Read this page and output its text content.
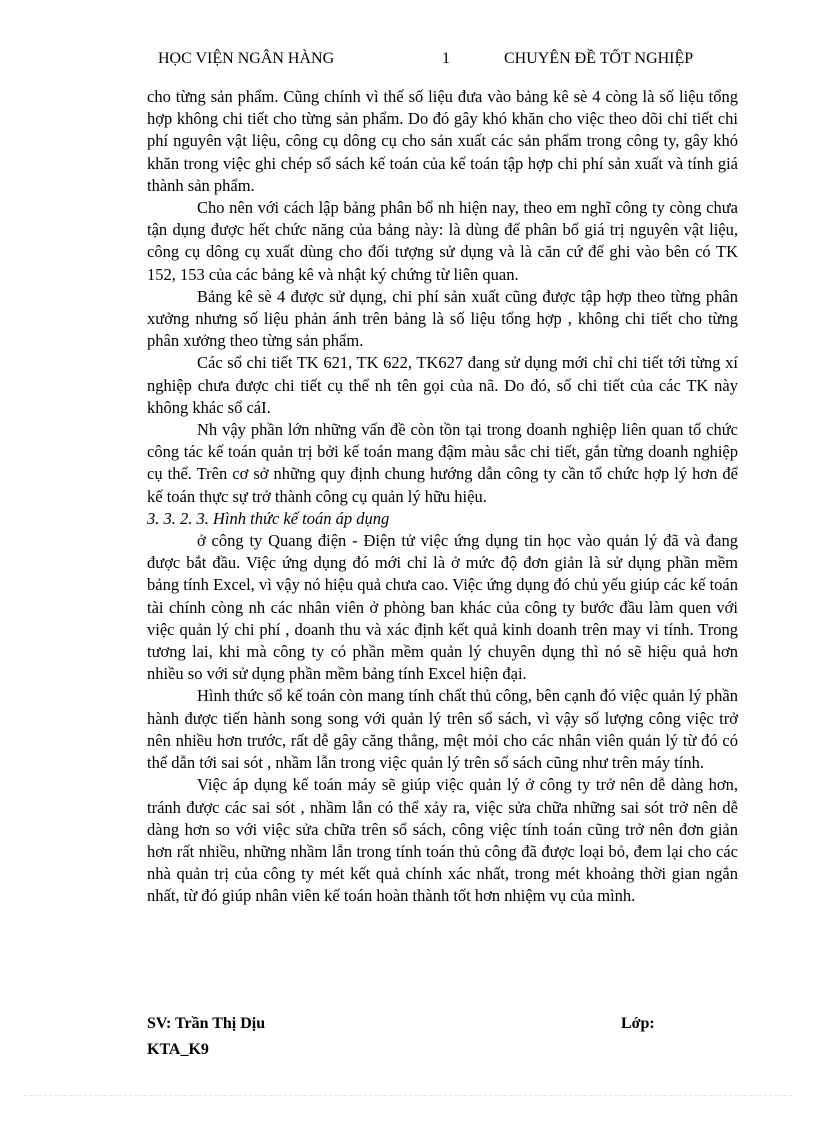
HỌC VIỆN NGÂN HÀNG	1	CHUYÊN ĐỀ TỐT NGHIỆP

cho từng sản phẩm. Cũng chính vì thế số liệu đưa vào bảng kê sè 4 còng là số liệu tổng hợp không chi tiết cho từng sản phẩm. Do đó gây khó khăn cho việc theo dõi chi tiết chi phí nguyên vật liệu, công cụ dông cụ cho sản xuất các sản phẩm trong công ty, gây khó khăn trong việc ghi chép sổ sách kế toán của kế toán tập hợp chi phí sản xuất và tính giá thành sản phẩm.

Cho nên với cách lập bảng phân bổ nh hiện nay, theo em nghĩ công ty còng chưa tận dụng được hết chức năng của bảng này: là dùng để phân bổ giá trị nguyên vật liệu, công cụ dông cụ xuất dùng cho đối tượng sử dụng và là căn cứ để ghi vào bên có TK 152, 153 của các bảng kê và nhật ký chứng từ liên quan.

Bảng kê sè 4 được sử dụng, chi phí sản xuất cũng được tập hợp theo từng phân xưởng nhưng số liệu phản ánh trên bảng là số liệu tổng hợp , không chi tiết cho từng phân xưởng theo từng sản phẩm.

Các sổ chi tiết TK 621, TK 622, TK627 đang sử dụng mới chỉ chi tiết tới từng xí nghiệp chưa được chi tiết cụ thể nh tên gọi của nã. Do đó, sổ chi tiết của các TK này không khác sổ cáI.

Nh vậy phần lớn những vấn đề còn tồn tại trong doanh nghiệp liên quan tổ chức công tác kế toán quản trị bởi kế toán mang đậm màu sắc chi tiết, gắn từng doanh nghiệp cụ thể. Trên cơ sở những quy định chung hướng dẫn công ty cần tổ chức hợp lý hơn để kế toán thực sự trở thành công cụ quản lý hữu hiệu.

3. 3. 2. 3. Hình thức kế toán áp dụng

ở công ty Quang điện - Điện tử việc ứng dụng tin học vào quản lý đã và đang được bắt đầu. Việc ứng dụng đó mới chỉ là ở mức độ đơn giản là sử dụng phần mềm bảng tính Excel, vì vậy nó hiệu quả chưa cao. Việc ứng dụng đó chủ yếu giúp các kế toán tài chính còng nh các nhân viên ở phòng ban khác của công ty bước đầu làm quen với việc quản lý chi phí , doanh thu và xác định kết quả kinh doanh trên may vi tính. Trong tương lai, khi mà công ty có phần mềm quản lý chuyên dụng thì nó sẽ hiệu quả hơn nhiều so với sử dụng phần mềm bảng tính Excel hiện đại.

Hình thức sổ kế toán còn mang tính chất thủ công, bên cạnh đó việc quản lý phần hành được tiến hành song song với quản lý trên sổ sách, vì vậy số lượng công việc trở nên nhiều hơn trước, rất dễ gây căng thẳng, mệt mỏi cho các nhân viên quản lý từ đó có thể dẫn tới sai sót , nhầm lẫn trong việc quản lý trên sổ sách cũng như trên máy tính.

Việc áp dụng kế toán máy sẽ giúp việc quản lý ở công ty trở nên dễ dàng hơn, tránh được các sai sót , nhầm lẫn có thể xảy ra, việc sửa chữa những sai sót trở nên dễ dàng hơn so với việc sửa chữa trên sổ sách, công việc tính toán cũng trở nên đơn giản hơn rất nhiều, những nhầm lẫn trong tính toán thủ công đã được loại bỏ, đem lại cho các nhà quản trị của công ty mét kết quả chính xác nhất, trong mét khoảng thời gian ngắn nhất, từ đó giúp nhân viên kế toán hoàn thành tốt hơn nhiệm vụ của mình.

SV: Trần Thị Dịu	Lớp:
KTA_K9
